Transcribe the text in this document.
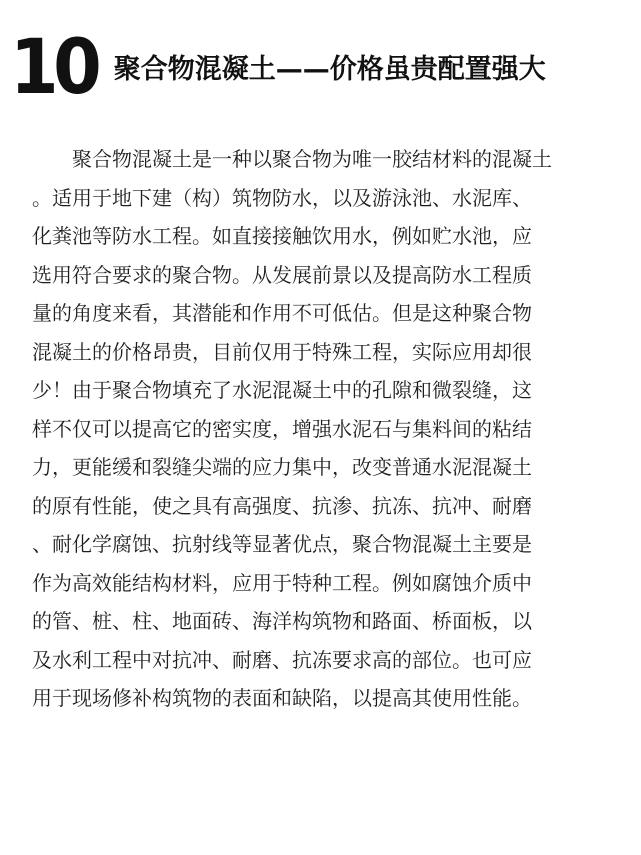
10 聚合物混凝土——价格虽贵配置强大
　　聚合物混凝土是一种以聚合物为唯一胶结材料的混凝土
。适用于地下建（构）筑物防水，以及游泳池、水泥库、
化粪池等防水工程。如直接接触饮用水，例如贮水池，应
选用符合要求的聚合物。从发展前景以及提高防水工程质
量的角度来看，其潜能和作用不可低估。但是这种聚合物
混凝土的价格昂贵，目前仅用于特殊工程，实际应用却很
少！由于聚合物填充了水泥混凝土中的孔隙和微裂缝，这
样不仅可以提高它的密实度，增强水泥石与集料间的粘结
力，更能缓和裂缝尖端的应力集中，改变普通水泥混凝土
的原有性能，使之具有高强度、抗渗、抗冻、抗冲、耐磨
、耐化学腐蚀、抗射线等显著优点，聚合物混凝土主要是
作为高效能结构材料，应用于特种工程。例如腐蚀介质中
的管、桩、柱、地面砖、海洋构筑物和路面、桥面板，以
及水利工程中对抗冲、耐磨、抗冻要求高的部位。也可应
用于现场修补构筑物的表面和缺陷，以提高其使用性能。
